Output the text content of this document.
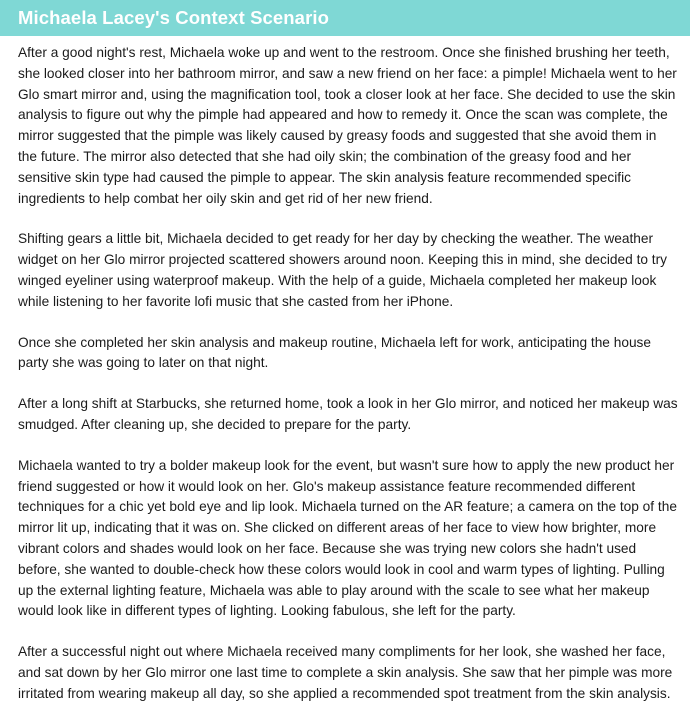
Michaela Lacey's Context Scenario

After a good night's rest, Michaela woke up and went to the restroom. Once she finished brushing her teeth, she looked closer into her bathroom mirror, and saw a new friend on her face: a pimple! Michaela went to her Glo smart mirror and, using the magnification tool, took a closer look at her face. She decided to use the skin analysis to figure out why the pimple had appeared and how to remedy it. Once the scan was complete, the mirror suggested that the pimple was likely caused by greasy foods and suggested that she avoid them in the future. The mirror also detected that she had oily skin; the combination of the greasy food and her sensitive skin type had caused the pimple to appear. The skin analysis feature recommended specific ingredients to help combat her oily skin and get rid of her new friend.

Shifting gears a little bit, Michaela decided to get ready for her day by checking the weather. The weather widget on her Glo mirror projected scattered showers around noon. Keeping this in mind, she decided to try winged eyeliner using waterproof makeup. With the help of a guide, Michaela completed her makeup look while listening to her favorite lofi music that she casted from her iPhone.

Once she completed her skin analysis and makeup routine, Michaela left for work, anticipating the house party she was going to later on that night.

After a long shift at Starbucks, she returned home, took a look in her Glo mirror, and noticed her makeup was smudged. After cleaning up, she decided to prepare for the party.

Michaela wanted to try a bolder makeup look for the event, but wasn't sure how to apply the new product her friend suggested or how it would look on her. Glo's makeup assistance feature recommended different techniques for a chic yet bold eye and lip look. Michaela turned on the AR feature; a camera on the top of the mirror lit up, indicating that it was on. She clicked on different areas of her face to view how brighter, more vibrant colors and shades would look on her face. Because she was trying new colors she hadn't used before, she wanted to double-check how these colors would look in cool and warm types of lighting. Pulling up the external lighting feature, Michaela was able to play around with the scale to see what her makeup would look like in different types of lighting. Looking fabulous, she left for the party.

After a successful night out where Michaela received many compliments for her look, she washed her face, and sat down by her Glo mirror one last time to complete a skin analysis. She saw that her pimple was more irritated from wearing makeup all day, so she applied a recommended spot treatment from the skin analysis.
